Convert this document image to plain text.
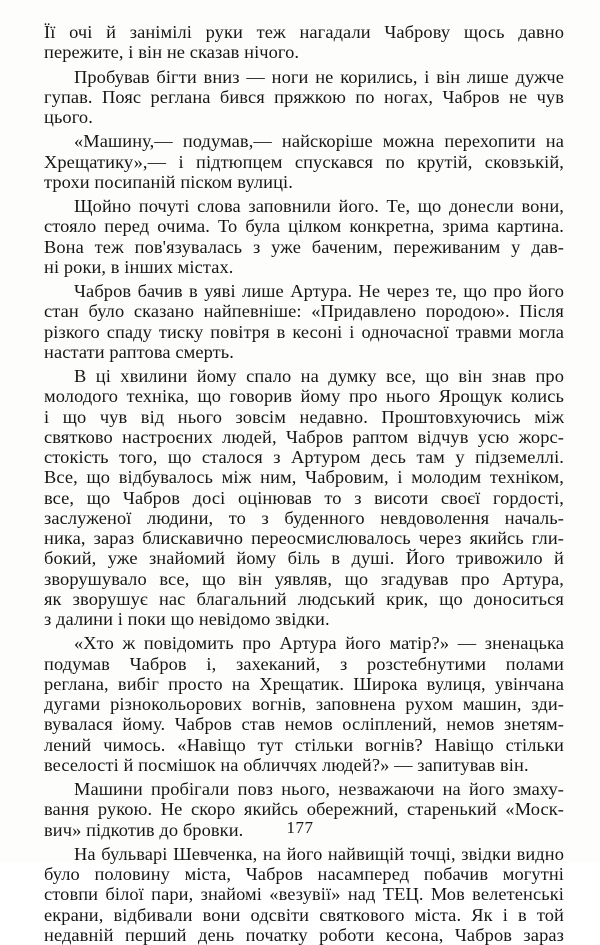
Її очі й занімілі руки теж нагадали Чаброву щось давно
пережите, і він не сказав нічого.
Пробував бігти вниз — ноги не корились, і він лише дужче
гупав. Пояс реглана бився пряжкою по ногах, Чабров не чув
цього.
«Машину,— подумав,— найскоріше можна перехопити на
Хрещатику»,— і підтюпцем спускався по крутій, сковзькій,
трохи посипаній піском вулиці.
Щойно почуті слова заповнили його. Те, що донесли вони,
стояло перед очима. То була цілком конкретна, зрима картина.
Вона теж пов'язувалась з уже баченим, переживаним у дав-
ні роки, в інших містах.
Чабров бачив в уяві лише Артура. Не через те, що про його
стан було сказано найпевніше: «Придавлено породою». Після
різкого спаду тиску повітря в кесоні і одночасної травми могла
настати раптова смерть.
В ці хвилини йому спало на думку все, що він знав про
молодого техніка, що говорив йому про нього Ярощук колись
і що чув від нього зовсім недавно. Проштовхуючись між
святково настроєних людей, Чабров раптом відчув усю жорс-
стокість того, що сталося з Артуром десь там у підземеллі.
Все, що відбувалось між ним, Чабровим, і молодим техніком,
все, що Чабров досі оцінював то з висоти своєї гордості,
заслуженої людини, то з буденного невдоволення началь-
ника, зараз блискавично переосмислювалось через якийсь гли-
бокий, уже знайомий йому біль в душі. Його тривожило й
зворушувало все, що він уявляв, що згадував про Артура,
як зворушує нас благальний людський крик, що доноситься
з далини і поки що невідомо звідки.
«Хто ж повідомить про Артура його матір?» — зненацька
подумав Чабров і, захеканий, з розстебнутими полами
реглана, вибіг просто на Хрещатик. Широка вулиця, увінчана
дугами різнокольорових вогнів, заповнена рухом машин, зди-
вувалася йому. Чабров став немов осліплений, немов знетям-
лений чимось. «Навіщо тут стільки вогнів? Навіщо стільки
веселості й посмішок на обличчях людей?» — запитував він.
Машини пробігали повз нього, незважаючи на його змаху-
вання рукою. Не скоро якийсь обережний, старенький «Моск-
вич» підкотив до бровки.
На бульварі Шевченка, на його найвищій точці, звідки видно
було половину міста, Чабров насамперед побачив могутні
стовпи білої пари, знайомі «везувії» над ТЕЦ. Мов велетенські
екрани, відбивали вони одсвіти святкового міста. Як і в той
недавній перший день початку роботи кесона, Чабров зараз
177
